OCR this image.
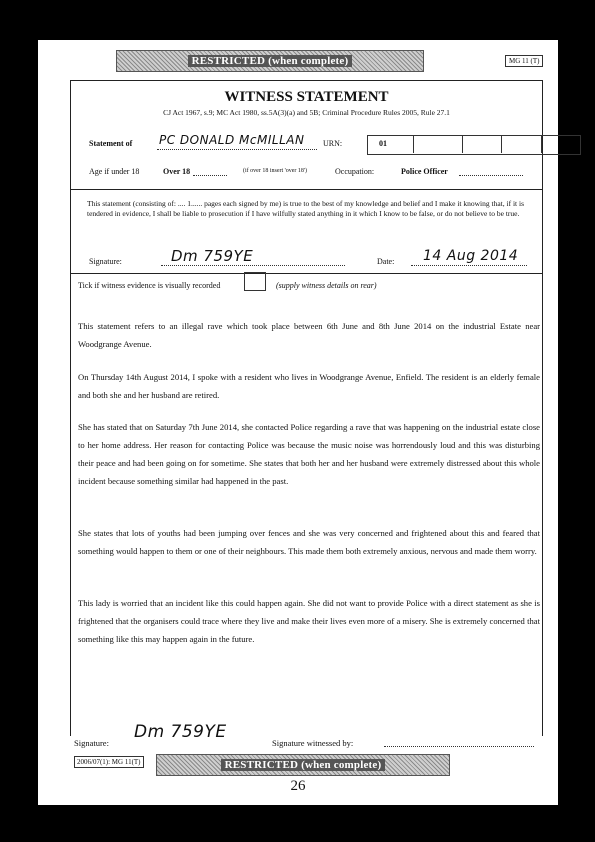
RESTRICTED (when complete)	MG 11 (T)
WITNESS STATEMENT
CJ Act 1967, s.9; MC Act 1980, ss.5A(3)(a) and 5B; Criminal Procedure Rules 2005, Rule 27.1
Statement of PC DONALD McMILLAN URN:	01
Age if under 18	Over 18	(if over 18 insert 'over 18')	Occupation:	Police Officer
This statement (consisting of: .... 1...... pages each signed by me) is true to the best of my knowledge and belief and I make it knowing that, if it is tendered in evidence, I shall be liable to prosecution if I have wilfully stated anything in it which I know to be false, or do not believe to be true.
Signature:	Dm 759YE	Date: 14 Aug 2014
Tick if witness evidence is visually recorded	(supply witness details on rear)
This statement refers to an illegal rave which took place between 6th June and 8th June 2014 on the industrial Estate near Woodgrange Avenue.
On Thursday 14th August 2014, I spoke with a resident who lives in Woodgrange Avenue, Enfield. The resident is an elderly female and both she and her husband are retired.
She has stated that on Saturday 7th June 2014, she contacted Police regarding a rave that was happening on the industrial estate close to her home address. Her reason for contacting Police was because the music noise was horrendously loud and this was disturbing their peace and had been going on for sometime. She states that both her and her husband were extremely distressed about this whole incident because something similar had happened in the past.
She states that lots of youths had been jumping over fences and she was very concerned and frightened about this and feared that something would happen to them or one of their neighbours. This made them both extremely anxious, nervous and made them worry.
This lady is worried that an incident like this could happen again. She did not want to provide Police with a direct statement as she is frightened that the organisers could trace where they live and make their lives even more of a misery. She is extremely concerned that something like this may happen again in the future.
Signature:
Dm 759YE
Signature witnessed by:
2006/07(1): MG 11(T)	RESTRICTED (when complete)
26
